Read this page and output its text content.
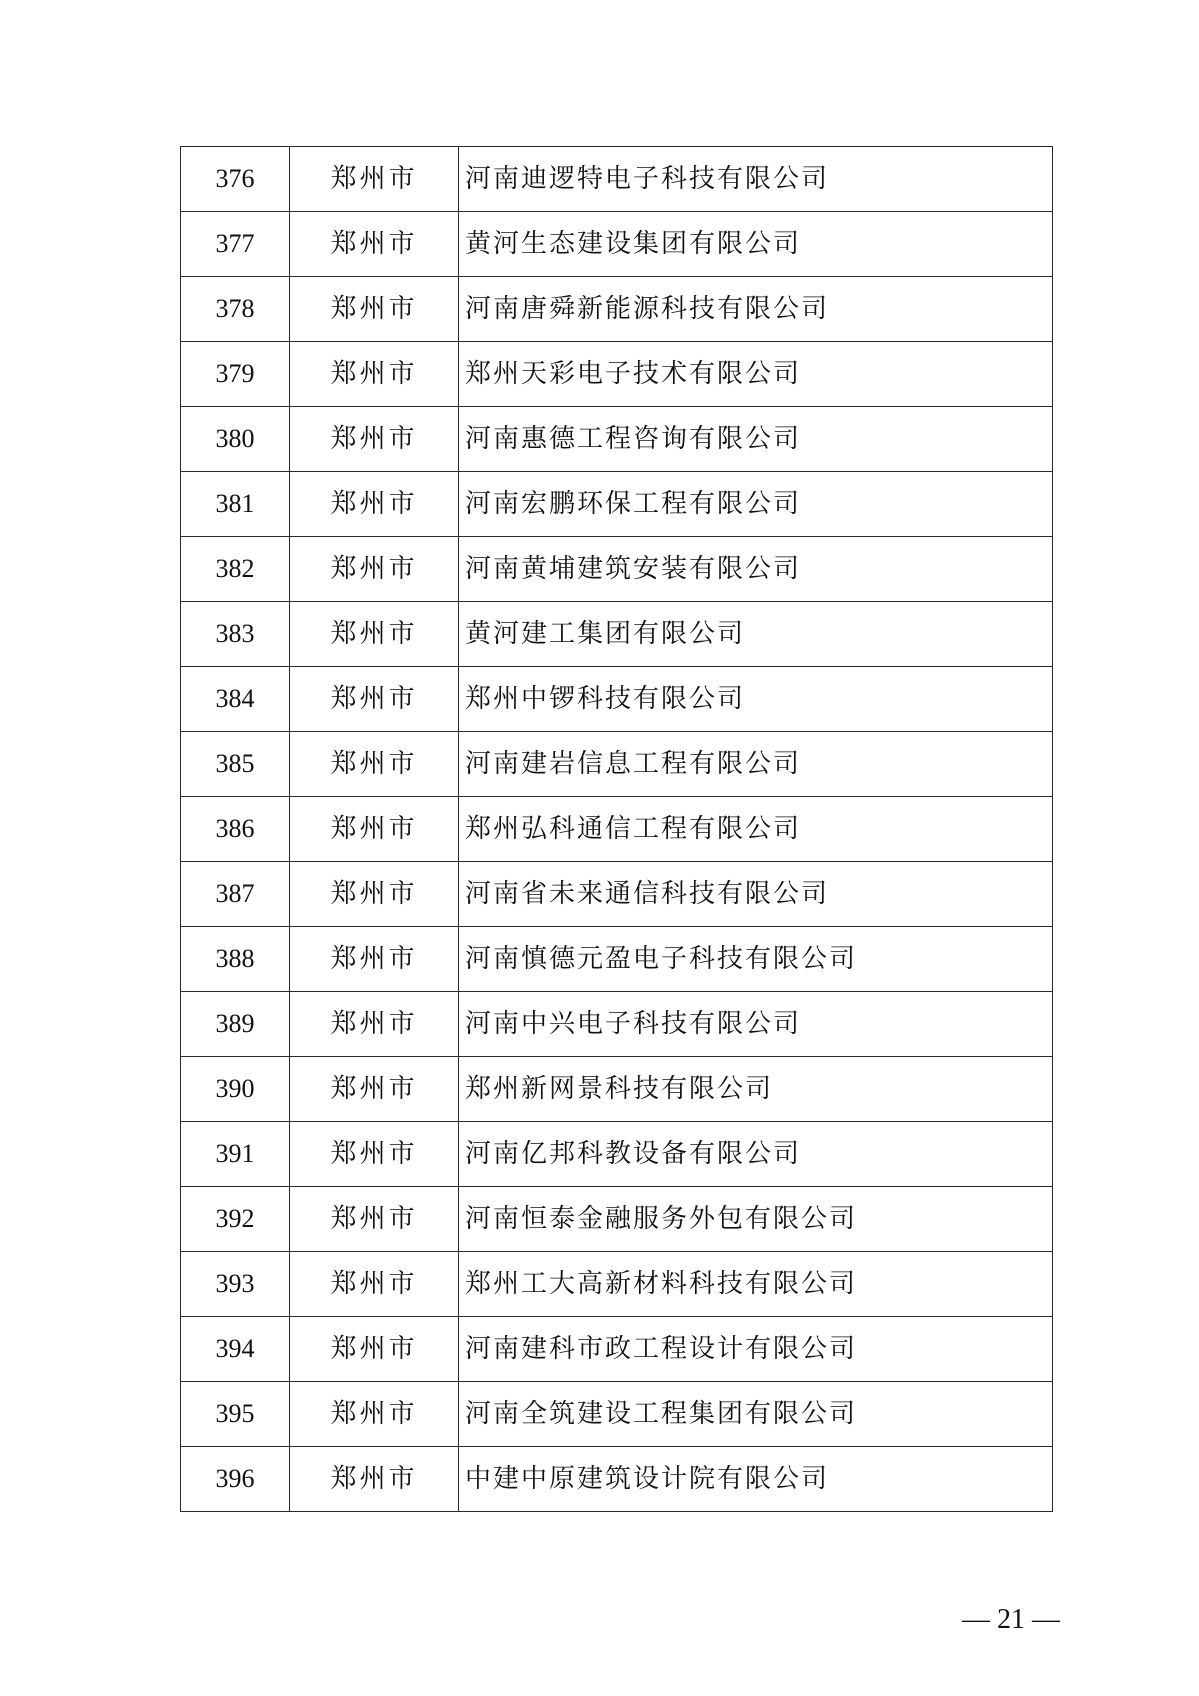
376	郑州市	河南迪逻特电子科技有限公司
377	郑州市	黄河生态建设集团有限公司
378	郑州市	河南唐舜新能源科技有限公司
379	郑州市	郑州天彩电子技术有限公司
380	郑州市	河南惠德工程咨询有限公司
381	郑州市	河南宏鹏环保工程有限公司
382	郑州市	河南黄埔建筑安装有限公司
383	郑州市	黄河建工集团有限公司
384	郑州市	郑州中锣科技有限公司
385	郑州市	河南建岩信息工程有限公司
386	郑州市	郑州弘科通信工程有限公司
387	郑州市	河南省未来通信科技有限公司
388	郑州市	河南慎德元盈电子科技有限公司
389	郑州市	河南中兴电子科技有限公司
390	郑州市	郑州新网景科技有限公司
391	郑州市	河南亿邦科教设备有限公司
392	郑州市	河南恒泰金融服务外包有限公司
393	郑州市	郑州工大高新材料科技有限公司
394	郑州市	河南建科市政工程设计有限公司
395	郑州市	河南全筑建设工程集团有限公司
396	郑州市	中建中原建筑设计院有限公司
— 21 —
